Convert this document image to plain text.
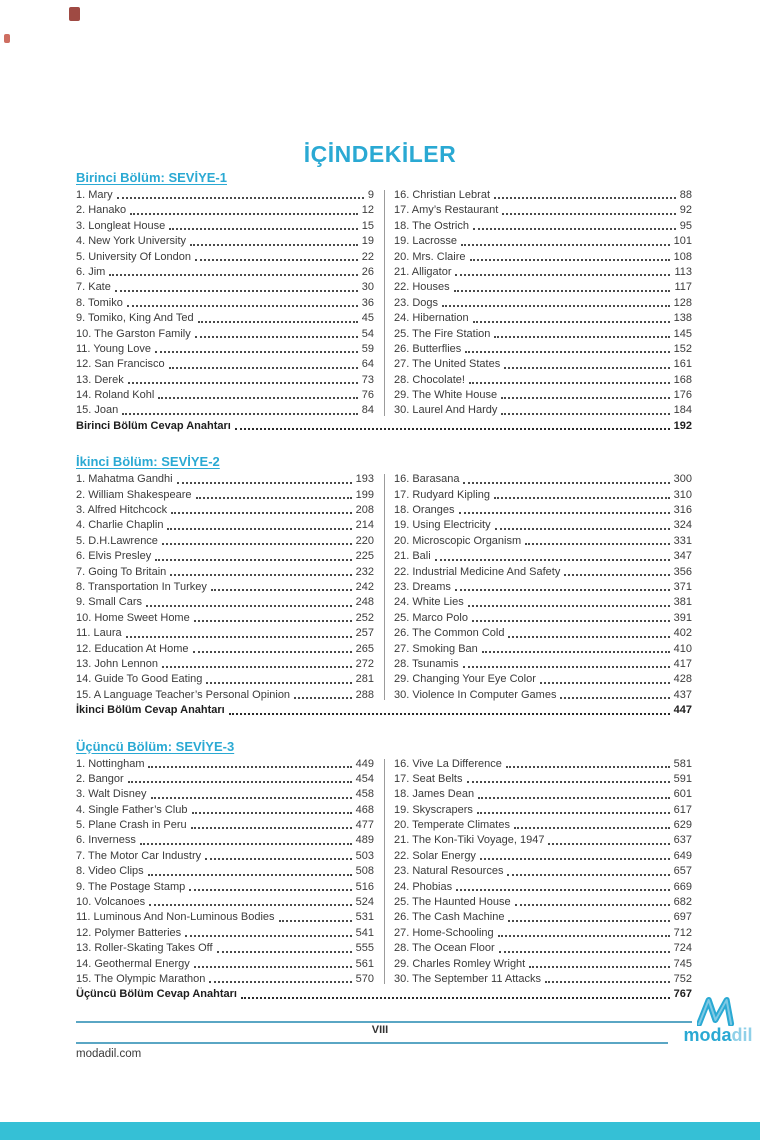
İÇİNDEKİLER
Birinci Bölüm: SEVİYE-1
1. Mary	9
2. Hanako	12
3. Longleat House	15
4. New York University	19
5. University Of London	22
6. Jim	26
7. Kate	30
8. Tomiko	36
9. Tomiko, King And Ted	45
10. The Garston Family	54
11. Young Love	59
12. San Francisco	64
13. Derek	73
14. Roland Kohl	76
15. Joan	84
16. Christian Lebrat	88
17. Amy’s Restaurant	92
18. The Ostrich	95
19. Lacrosse	101
20. Mrs. Claire	108
21. Alligator	113
22. Houses	117
23. Dogs	128
24. Hibernation	138
25. The Fire Station	145
26. Butterflies	152
27. The United States	161
28. Chocolate!	168
29. The White House	176
30. Laurel And Hardy	184
Birinci Bölüm Cevap Anahtarı	192
İkinci Bölüm: SEVİYE-2
1. Mahatma Gandhi	193
2. William Shakespeare	199
3. Alfred Hitchcock	208
4. Charlie Chaplin	214
5. D.H.Lawrence	220
6. Elvis Presley	225
7. Going To Britain	232
8. Transportation In Turkey	242
9. Small Cars	248
10. Home Sweet Home	252
11. Laura	257
12. Education At Home	265
13. John Lennon	272
14. Guide To Good Eating	281
15. A Language Teacher’s Personal Opinion	288
16. Barasana	300
17. Rudyard Kipling	310
18. Oranges	316
19. Using Electricity	324
20. Microscopic Organism	331
21. Bali	347
22. Industrial Medicine And Safety	356
23. Dreams	371
24. White Lies	381
25. Marco Polo	391
26. The Common Cold	402
27. Smoking Ban	410
28. Tsunamis	417
29. Changing Your Eye Color	428
30. Violence In Computer Games	437
İkinci Bölüm Cevap Anahtarı	447
Üçüncü Bölüm: SEVİYE-3
1. Nottingham	449
2. Bangor	454
3. Walt Disney	458
4. Single Father’s Club	468
5. Plane Crash in Peru	477
6. Inverness	489
7. The Motor Car Industry	503
8. Video Clips	508
9. The Postage Stamp	516
10. Volcanoes	524
11. Luminous And Non-Luminous Bodies	531
12. Polymer Batteries	541
13. Roller-Skating Takes Off	555
14. Geothermal Energy	561
15. The Olympic Marathon	570
16. Vive La Difference	581
17. Seat Belts	591
18. James Dean	601
19. Skyscrapers	617
20. Temperate Climates	629
21. The Kon-Tiki Voyage, 1947	637
22. Solar Energy	649
23. Natural Resources	657
24. Phobias	669
25. The Haunted House	682
26. The Cash Machine	697
27. Home-Schooling	712
28. The Ocean Floor	724
29. Charles Romley Wright	745
30. The September 11 Attacks	752
Üçüncü Bölüm Cevap Anahtarı	767
VIII
modadil.com
modadil
